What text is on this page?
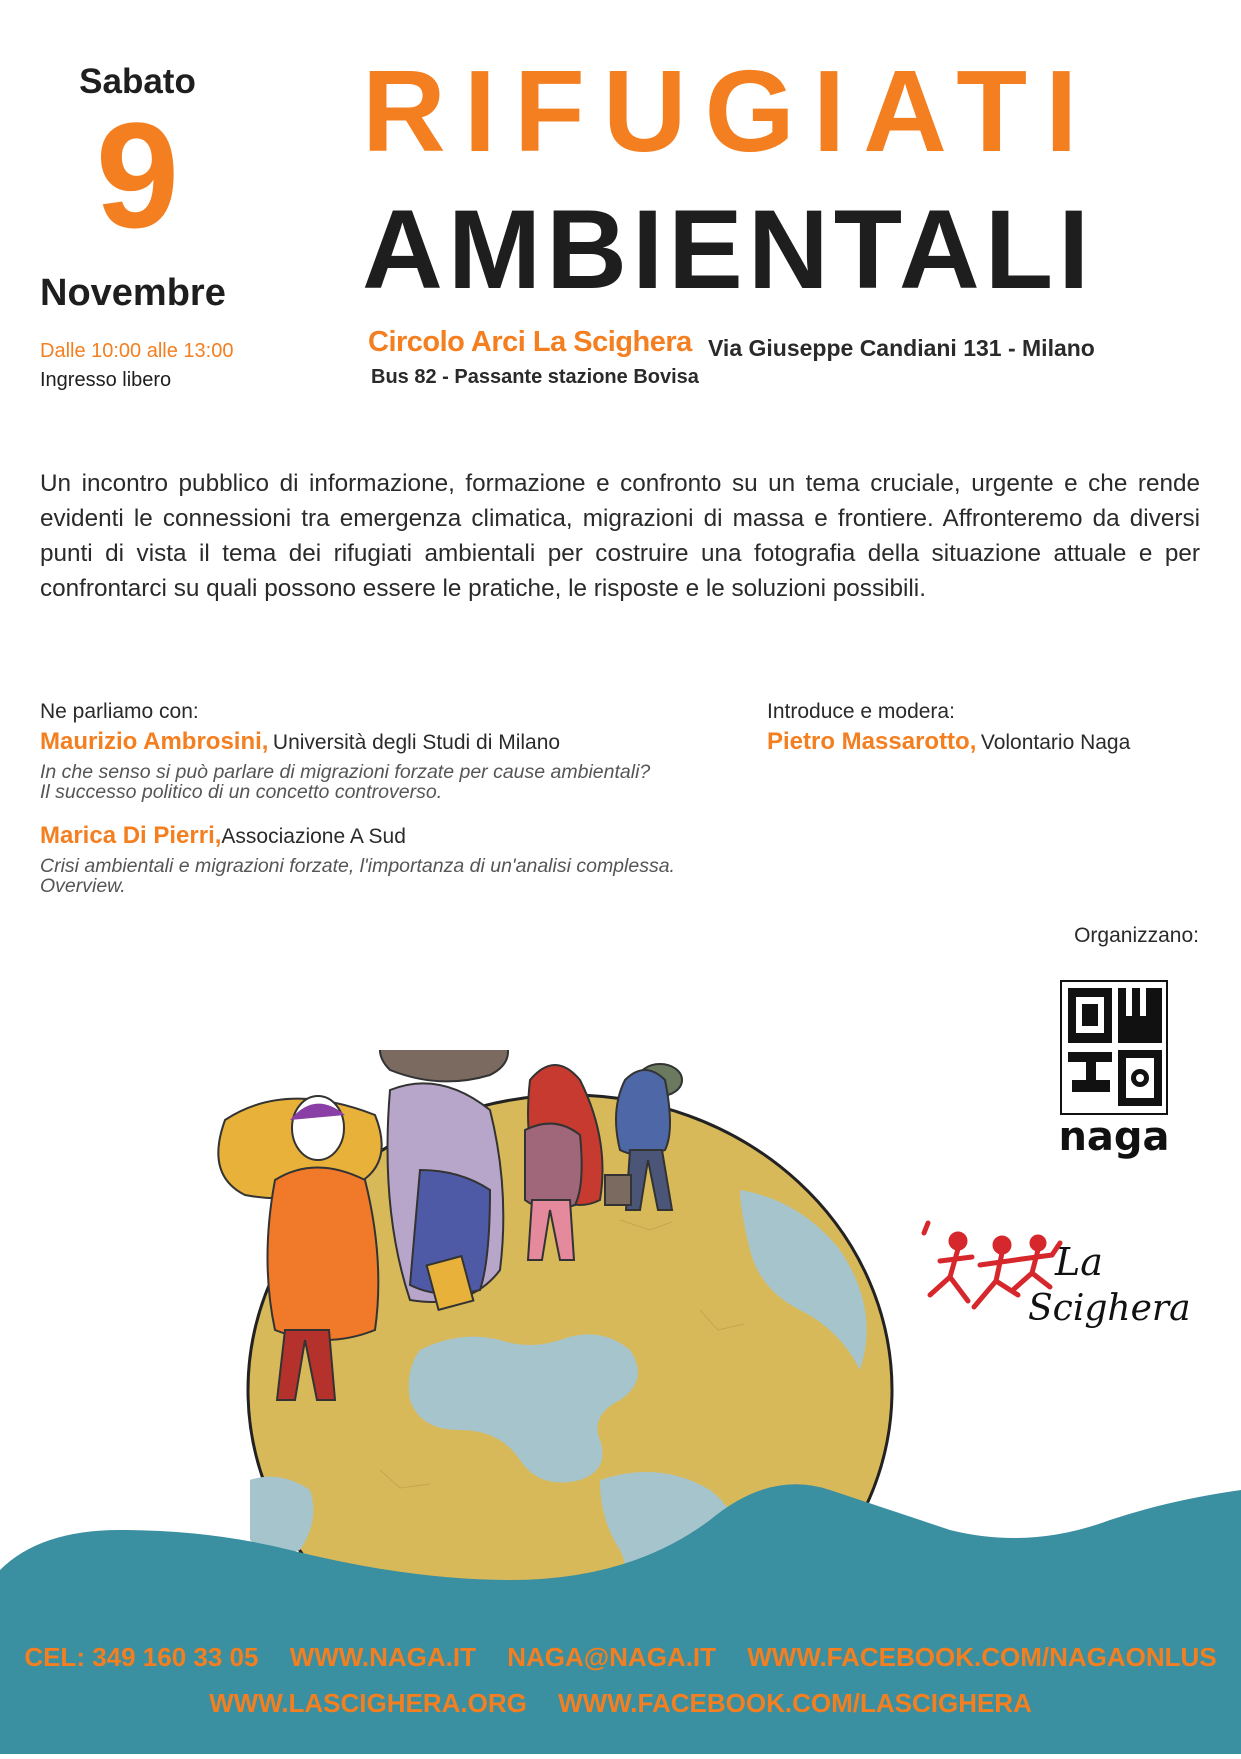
Sabato
9
Novembre
Dalle 10:00 alle 13:00
Ingresso libero
RIFUGIATI
AMBIENTALI
Circolo Arci La Scighera Via Giuseppe Candiani 131 - Milano
Bus 82 - Passante stazione Bovisa
Un incontro pubblico di informazione, formazione e confronto su un tema cruciale, urgente e che rende evidenti le connessioni tra emergenza climatica, migrazioni di massa e frontiere. Affronteremo da diversi punti di vista il tema dei rifugiati ambientali per costruire una fotografia della situazione attuale e per confrontarci su quali possono essere le pratiche, le risposte e le soluzioni possibili.
Ne parliamo con:
Maurizio Ambrosini, Università degli Studi di Milano
In che senso si può parlare di migrazioni forzate per cause ambientali?
Il successo politico di un concetto controverso.
Marica Di Pierri,Associazione A Sud
Crisi ambientali e migrazioni forzate, l'importanza di un'analisi complessa.
Overview.
Introduce e modera:
Pietro Massarotto, Volontario Naga
Organizzano:
naga
La
Scighera
CEL: 349 160 33 05 WWW.NAGA.IT NAGA@NAGA.IT WWW.FACEBOOK.COM/NAGAONLUS
WWW.LASCIGHERA.ORG WWW.FACEBOOK.COM/LASCIGHERA
